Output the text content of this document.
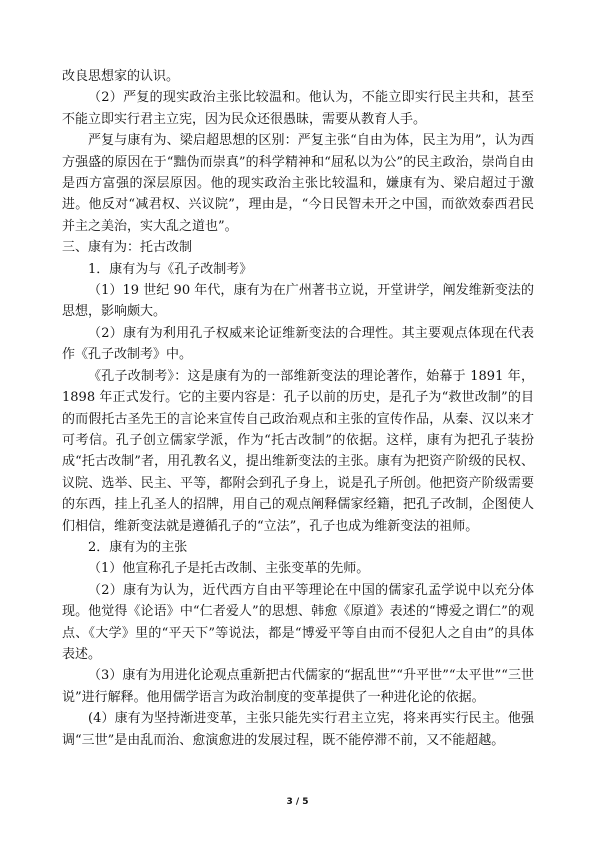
改良思想家的认识。

（2）严复的现实政治主张比较温和。他认为，不能立即实行民主共和，甚至不能立即实行君主立宪，因为民众还很愚昧，需要从教育人手。

严复与康有为、梁启超思想的区别：严复主张“自由为体，民主为用”，认为西方强盛的原因在于“黜伪而崇真”的科学精神和“屈私以为公”的民主政治，崇尚自由是西方富强的深层原因。他的现实政治主张比较温和，嫌康有为、梁启超过于激进。他反对“减君权、兴议院”，理由是，“今日民智未开之中国，而欲效泰西君民并主之美治，实大乱之道也”。

三、康有为：托古改制

1．康有为与《孔子改制考》

（1）19 世纪 90 年代，康有为在广州著书立说，开堂讲学，阐发维新变法的思想，影响颇大。

（2）康有为利用孔子权威来论证维新变法的合理性。其主要观点体现在代表作《孔子改制考》中。

《孔子改制考》：这是康有为的一部维新变法的理论著作，始幕于 1891 年，1898 年正式发行。它的主要内容是：孔子以前的历史，是孔子为“救世改制”的目的而假托古圣先王的言论来宣传自己政治观点和主张的宣传作品，从秦、汉以来才可考信。孔子创立儒家学派，作为“托古改制”的依据。这样，康有为把孔子装扮成“托古改制”者，用孔教名义，提出维新变法的主张。康有为把资产阶级的民权、议院、选举、民主、平等，都附会到孔子身上，说是孔子所创。他把资产阶级需要的东西，挂上孔圣人的招牌，用自己的观点阐释儒家经籍，把孔子改制，企图使人们相信，维新变法就是遵循孔子的“立法”，孔子也成为维新变法的祖师。

2．康有为的主张

（1）他宣称孔子是托古改制、主张变革的先师。

（2）康有为认为，近代西方自由平等理论在中国的儒家孔孟学说中以充分体现。他觉得《论语》中“仁者爱人”的思想、韩愈《原道》表述的“博爱之谓仁”的观点、《大学》里的“平天下”等说法，都是“博爱平等自由而不侵犯人之自由”的具体表述。

（3）康有为用进化论观点重新把古代儒家的“据乱世”“升平世”“太平世”“三世说”进行解释。他用儒学语言为政治制度的变革提供了一种进化论的依据。

(4）康有为坚持渐进变革，主张只能先实行君主立宪，将来再实行民主。他强调“三世”是由乱而治、愈演愈进的发展过程，既不能停滞不前，又不能超越。

3 / 5
